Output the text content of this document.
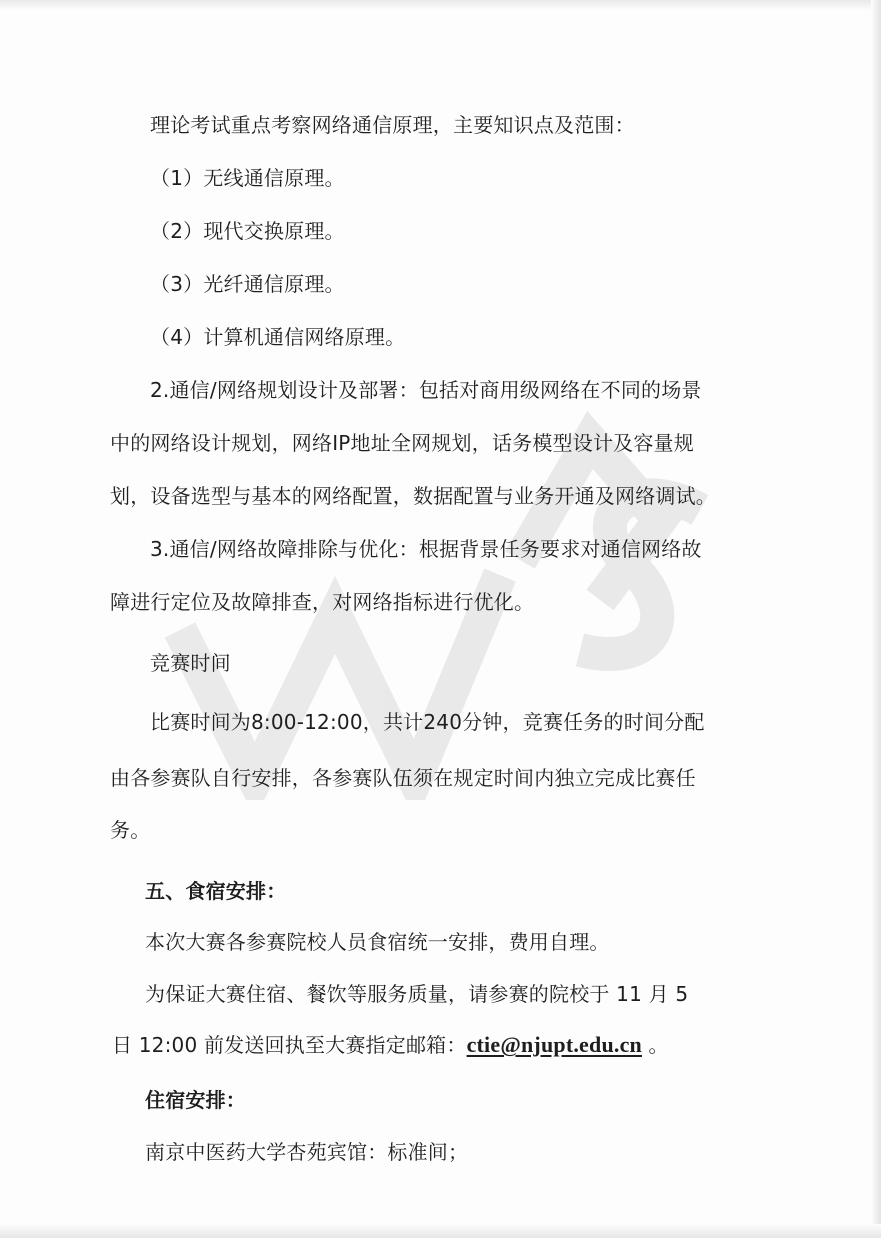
理论考试重点考察网络通信原理，主要知识点及范围：
（1）无线通信原理。
（2）现代交换原理。
（3）光纤通信原理。
（4）计算机通信网络原理。
2.通信/网络规划设计及部署：包括对商用级网络在不同的场景
中的网络设计规划，网络IP地址全网规划，话务模型设计及容量规
划，设备选型与基本的网络配置，数据配置与业务开通及网络调试。
3.通信/网络故障排除与优化：根据背景任务要求对通信网络故
障进行定位及故障排查，对网络指标进行优化。
竞赛时间
比赛时间为8:00-12:00，共计240分钟，竞赛任务的时间分配
由各参赛队自行安排，各参赛队伍须在规定时间内独立完成比赛任
务。
五、食宿安排：
本次大赛各参赛院校人员食宿统一安排，费用自理。
为保证大赛住宿、餐饮等服务质量，请参赛的院校于 11 月 5
日 12:00 前发送回执至大赛指定邮箱：ctie@njupt.edu.cn 。
住宿安排：
南京中医药大学杏苑宾馆：标准间；
